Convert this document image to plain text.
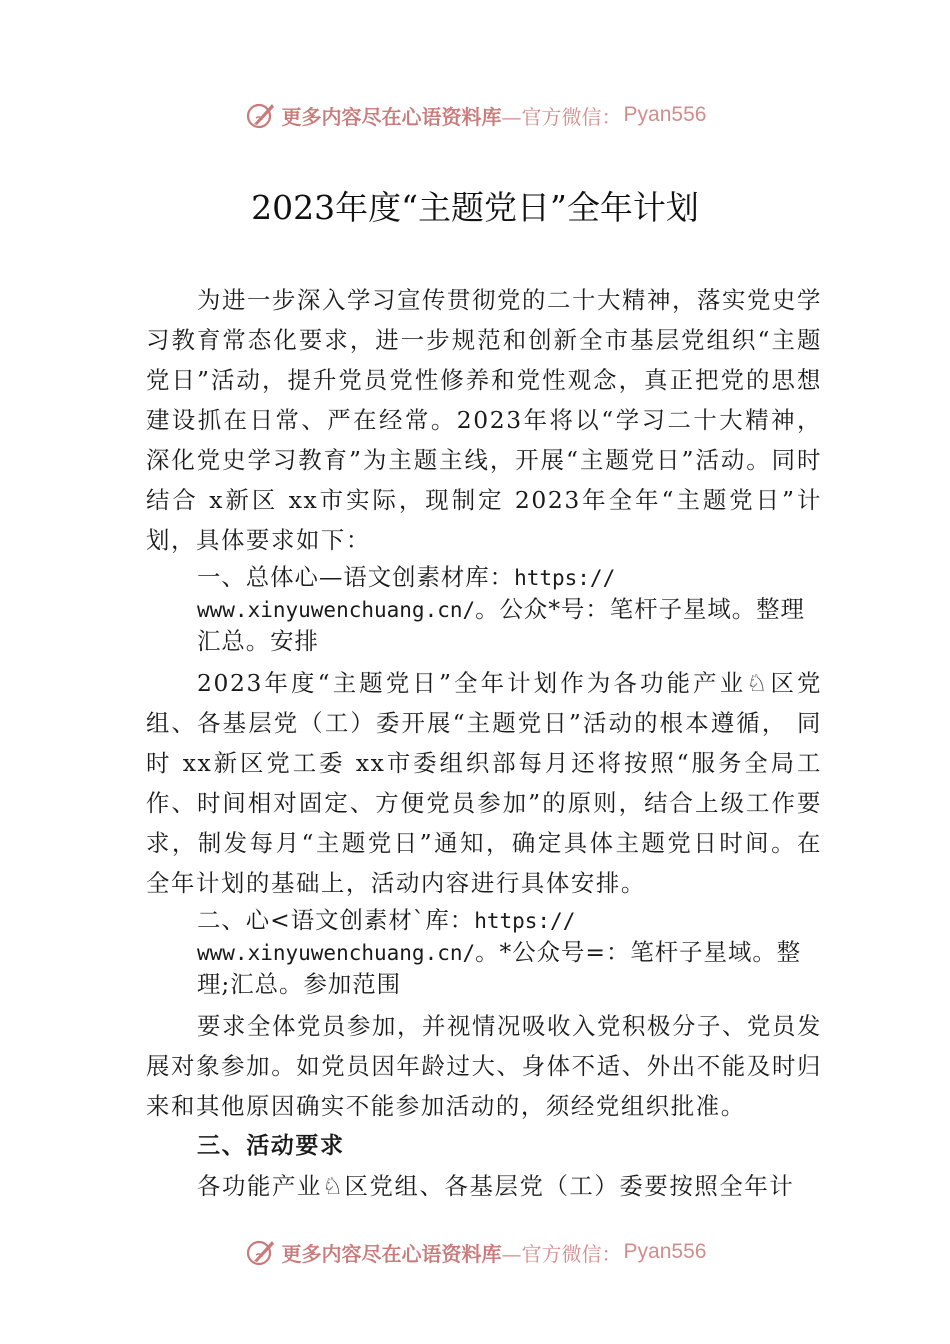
更多内容尽在心语资料库 —官方微信： Pyan556
2023年度“主题党日”全年计划

为进一步深入学习宣传贯彻党的二十大精神，落实党史学习教育常态化要求，进一步规范和创新全市基层党组织“主题党日”活动，提升党员党性修养和党性观念，真正把党的思想建设抓在日常、严在经常。2023年将以“学习二十大精神，深化党史学习教育”为主题主线，开展“主题党日”活动。同时结合 x新区 xx市实际，现制定 2023年全年“主题党日”计划，具体要求如下：

一、总体心—语文创素材库：https://
www.xinyuwenchuang.cn/。公众*号：笔杆子星域。整理
汇总。安排

2023年度“主题党日”全年计划作为各功能产业♘区党组、各基层党（工）委开展“主题党日”活动的根本遵循， 同时 xx新区党工委 xx市委组织部每月还将按照“服务全局工作、时间相对固定、方便党员参加”的原则，结合上级工作要求，制发每月“主题党日”通知，确定具体主题党日时间。在全年计划的基础上，活动内容进行具体安排。

二、心<语文创素材`库：https://
www.xinyuwenchuang.cn/。*公众号=：笔杆子星域。整
理;汇总。参加范围

要求全体党员参加，并视情况吸收入党积极分子、党员发展对象参加。如党员因年龄过大、身体不适、外出不能及时归来和其他原因确实不能参加活动的，须经党组织批准。

三、活动要求

各功能产业♘区党组、各基层党（工）委要按照全年计

更多内容尽在心语资料库 —官方微信： Pyan556
